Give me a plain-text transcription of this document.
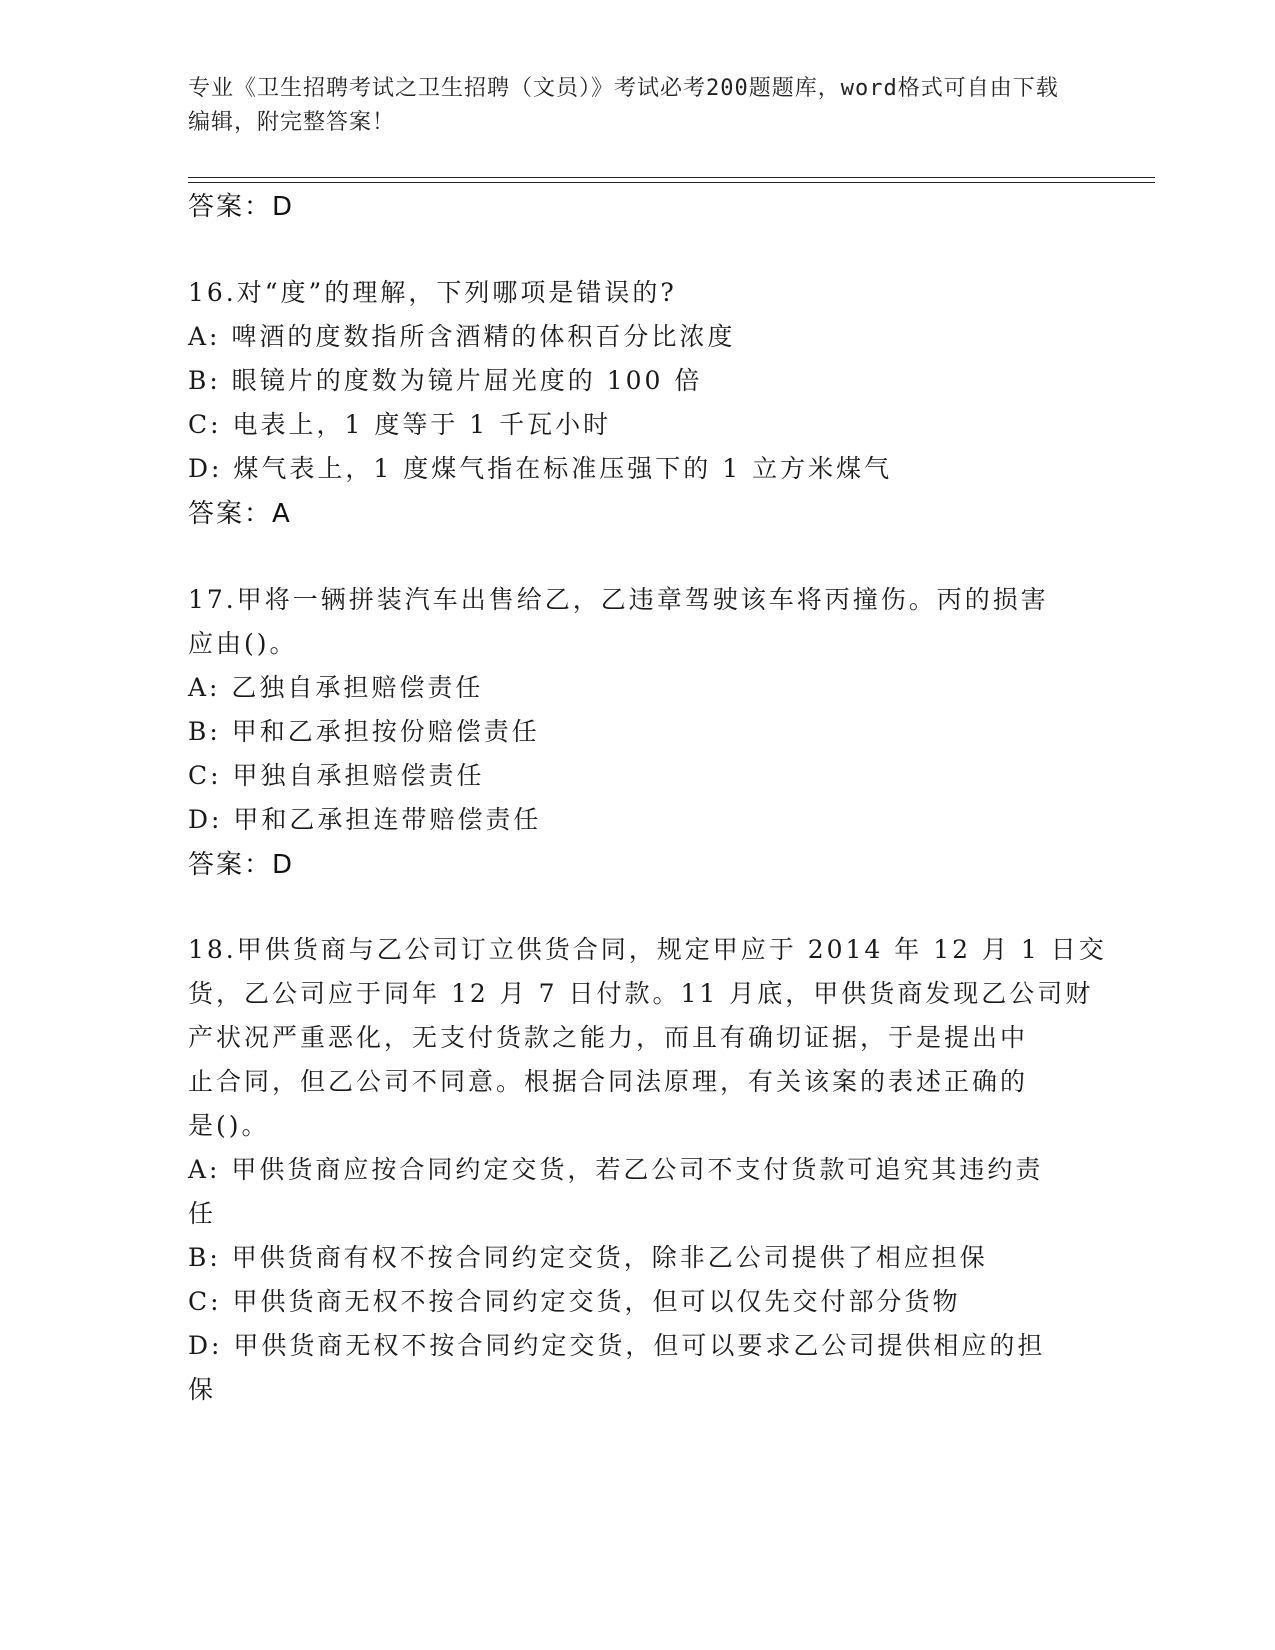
专业《卫生招聘考试之卫生招聘（文员）》考试必考200题题库，word格式可自由下载编辑，附完整答案！
答案：D
16.对“度”的理解，下列哪项是错误的?
A: 啤酒的度数指所含酒精的体积百分比浓度
B: 眼镜片的度数为镜片屈光度的 100 倍
C: 电表上，1 度等于 1 千瓦小时
D: 煤气表上，1 度煤气指在标准压强下的 1 立方米煤气
答案：A
17.甲将一辆拼装汽车出售给乙，乙违章驾驶该车将丙撞伤。丙的损害
应由()。
A: 乙独自承担赔偿责任
B: 甲和乙承担按份赔偿责任
C: 甲独自承担赔偿责任
D: 甲和乙承担连带赔偿责任
答案：D
18.甲供货商与乙公司订立供货合同，规定甲应于 2014 年 12 月 1 日交
货，乙公司应于同年 12 月 7 日付款。11 月底，甲供货商发现乙公司财
产状况严重恶化，无支付货款之能力，而且有确切证据，于是提出中
止合同，但乙公司不同意。根据合同法原理，有关该案的表述正确的
是()。
A: 甲供货商应按合同约定交货，若乙公司不支付货款可追究其违约责
任
B: 甲供货商有权不按合同约定交货，除非乙公司提供了相应担保
C: 甲供货商无权不按合同约定交货，但可以仅先交付部分货物
D: 甲供货商无权不按合同约定交货，但可以要求乙公司提供相应的担
保
